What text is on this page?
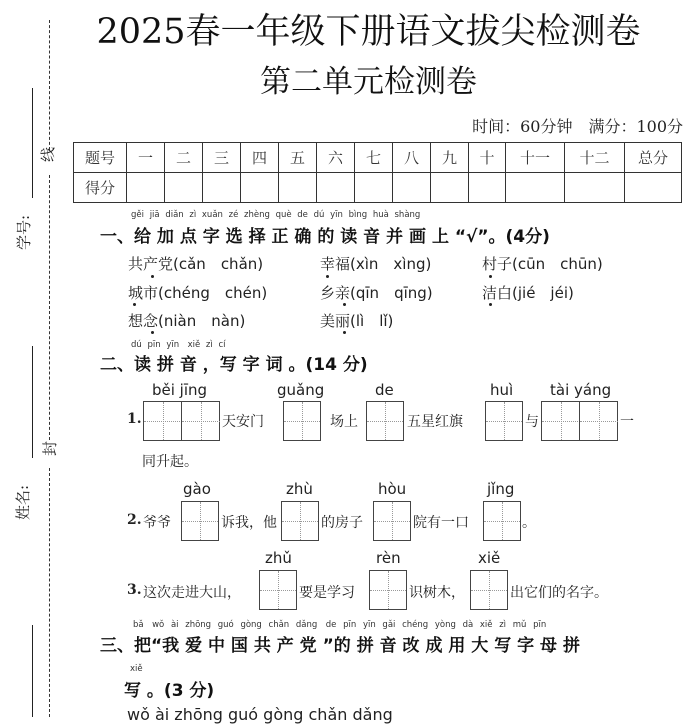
线
学号:
封
姓名:
2025春一年级下册语文拔尖检测卷
第二单元检测卷
时间：60分钟　满分：100分
题号	一	二	三	四	五	六	七	八	九	十	十一	十二	总分
得分													
gěi jiā diǎn zì xuǎn zé zhèng què de dú yīn bìng huà shàng
一、给 加 点 字 选 择 正 确 的 读 音 并 画 上 “√”。(4分)
共产党(cǎn　chǎn)	幸福(xìn　xìng)	村子(cūn　chūn)
城市(chéng　chén)	乡亲(qīn　qīng)	洁白(jié　jéi)
想念(niàn　nàn)	美丽(lì　lǐ)
dú pīn yīn　xiě zì cí
二、读 拼 音 ，写 字 词 。(14 分)
běi jīng	guǎng	de	huì tài yáng
1.	天安门	场上	五星红旗	与	一
同升起。
gào	zhù	hòu	jǐng
2. 爷爷	诉我，他	的房子	院有一口	。
zhǔ	rèn	xiě
3. 这次走进大山，	要是学习	识树木，	出它们的名字。
bǎ　wǒ ài zhōng guó gòng chǎn dǎng　de pīn yīn gǎi chéng yòng dà xiě zì mǔ pīn
三、把“我 爱 中 国 共 产 党 ”的 拼 音 改 成 用 大 写 字 母 拼
xiě
写 。(3 分)
wǒ ài zhōng guó gòng chǎn dǎng
